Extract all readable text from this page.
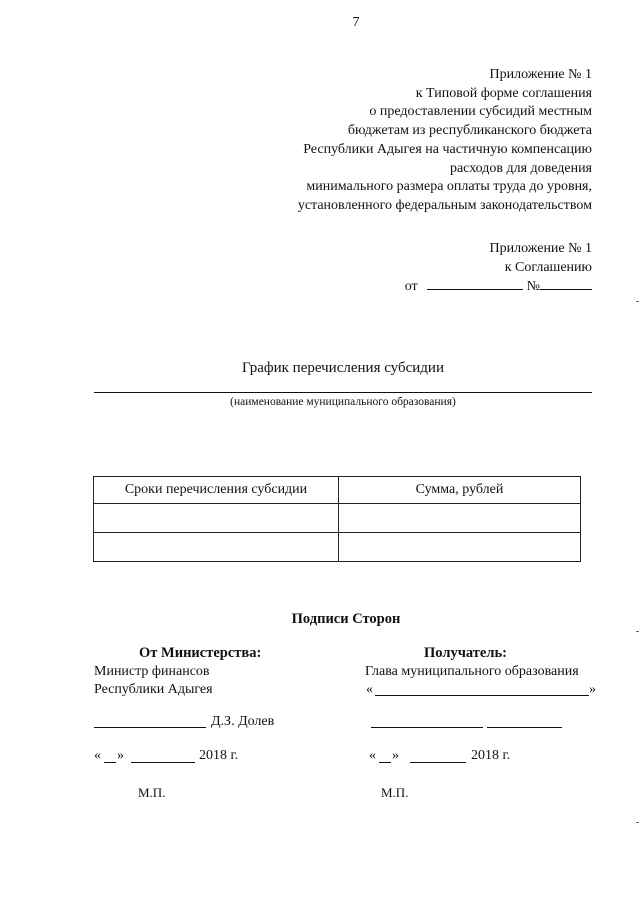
7
Приложение № 1
к Типовой форме соглашения
о предоставлении субсидий местным
бюджетам из республиканского бюджета
Республики Адыгея на частичную компенсацию
расходов для доведения
минимального размера оплаты труда до уровня,
установленного федеральным законодательством
Приложение № 1
к Соглашению
от	№
График перечисления субсидии
(наименование муниципального образования)
Сроки перечисления субсидии	Сумма, рублей

Подписи Сторон
От Министерства:
Министр финансов
Республики Адыгея
Д.З. Долев
« »	2018 г.
М.П.
Получатель:
Глава муниципального образования
«	»
« »	2018 г.
М.П.
